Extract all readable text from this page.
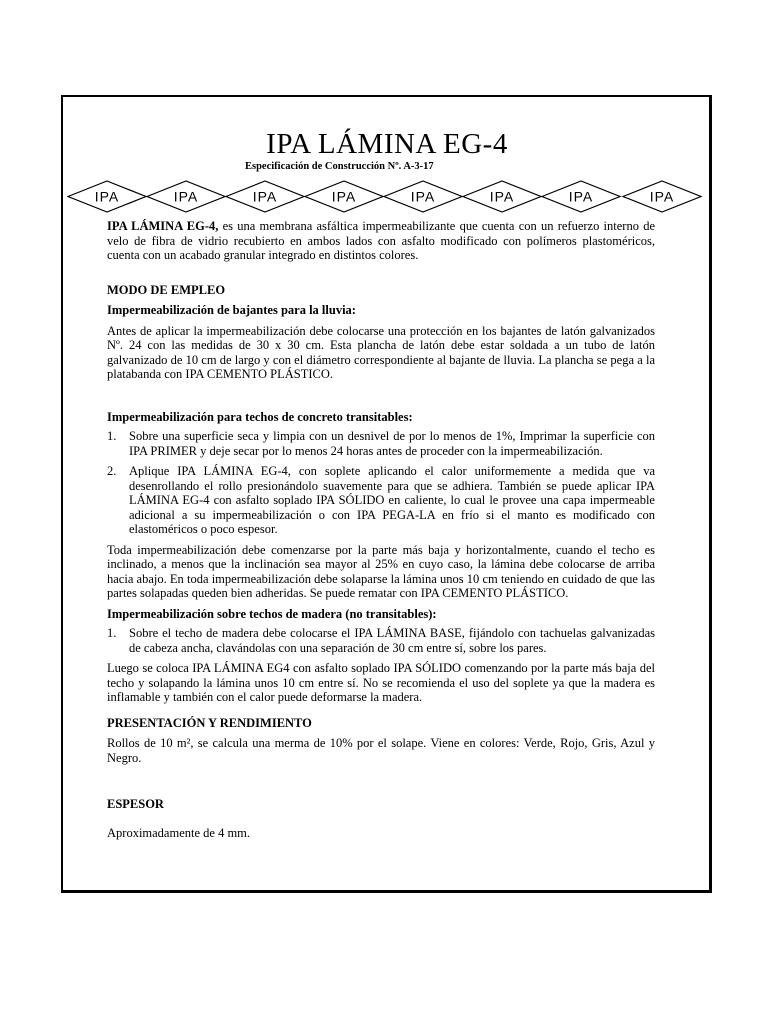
IPA LÁMINA EG-4
Especificación de Construcción Nº. A-3-17
IPA	IPA	IPA	IPA	IPA	IPA	IPA	IPA

IPA LÁMINA EG-4, es una membrana asfáltica impermeabilizante que cuenta con un refuerzo interno de velo de fibra de vidrio recubierto en ambos lados con asfalto modificado con polímeros plastoméricos, cuenta con un acabado granular integrado en distintos colores.

MODO DE EMPLEO

Impermeabilización de bajantes para la lluvia:

Antes de aplicar la impermeabilización debe colocarse una protección en los bajantes de latón galvanizados Nº. 24 con las medidas de 30 x 30 cm. Esta plancha de latón debe estar soldada a un tubo de latón galvanizado de 10 cm de largo y con el diámetro correspondiente al bajante de lluvia. La plancha se pega a la platabanda con IPA CEMENTO PLÁSTICO.

Impermeabilización para techos de concreto transitables:

1.	Sobre una superficie seca y limpia con un desnivel de por lo menos de 1%, Imprimar la superficie con IPA PRIMER y deje secar por lo menos 24 horas antes de proceder con la impermeabilización.
2.	Aplique IPA LÁMINA EG-4, con soplete aplicando el calor uniformemente a medida que va desenrollando el rollo presionándolo suavemente para que se adhiera. También se puede aplicar IPA LÁMINA EG-4 con asfalto soplado IPA SÓLIDO en caliente, lo cual le provee una capa impermeable adicional a su impermeabilización o con IPA PEGA-LA en frío si el manto es modificado con elastoméricos o poco espesor.

Toda impermeabilización debe comenzarse por la parte más baja y horizontalmente, cuando el techo es inclinado, a menos que la inclinación sea mayor al 25% en cuyo caso, la lámina debe colocarse de arriba hacia abajo. En toda impermeabilización debe solaparse la lámina unos 10 cm teniendo en cuidado de que las partes solapadas queden bien adheridas. Se puede rematar con IPA CEMENTO PLÁSTICO.

Impermeabilización sobre techos de madera (no transitables):

1.	Sobre el techo de madera debe colocarse el IPA LÁMINA BASE, fijándolo con tachuelas galvanizadas de cabeza ancha, clavándolas con una separación de 30 cm entre sí, sobre los pares.

Luego se coloca IPA LÁMINA EG4 con asfalto soplado IPA SÓLIDO comenzando por la parte más baja del techo y solapando la lámina unos 10 cm entre sí. No se recomienda el uso del soplete ya que la madera es inflamable y también con el calor puede deformarse la madera.

PRESENTACIÓN Y RENDIMIENTO

Rollos de 10 m², se calcula una merma de 10% por el solape. Viene en colores: Verde, Rojo, Gris, Azul y Negro.

ESPESOR

Aproximadamente de 4 mm.
